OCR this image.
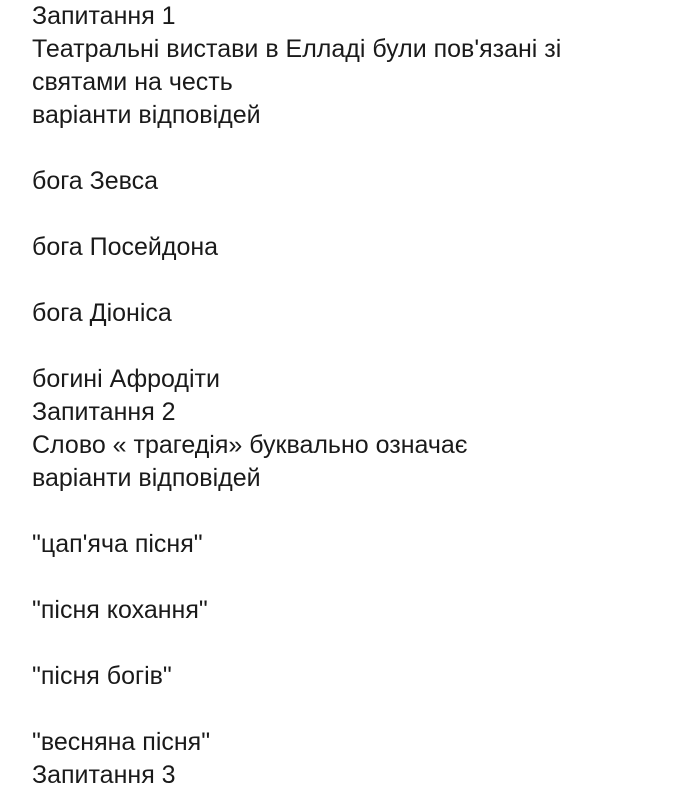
Запитання 1
Театральні вистави в Елладі були пов'язані зі святами на честь
варіанти відповідей
бога Зевса
бога Посейдона
бога Діоніса
богині Афродіти
Запитання 2
Слово « трагедія» буквально означає
варіанти відповідей
"цап'яча пісня"
"пісня кохання"
"пісня богів"
"весняна пісня"
Запитання 3
